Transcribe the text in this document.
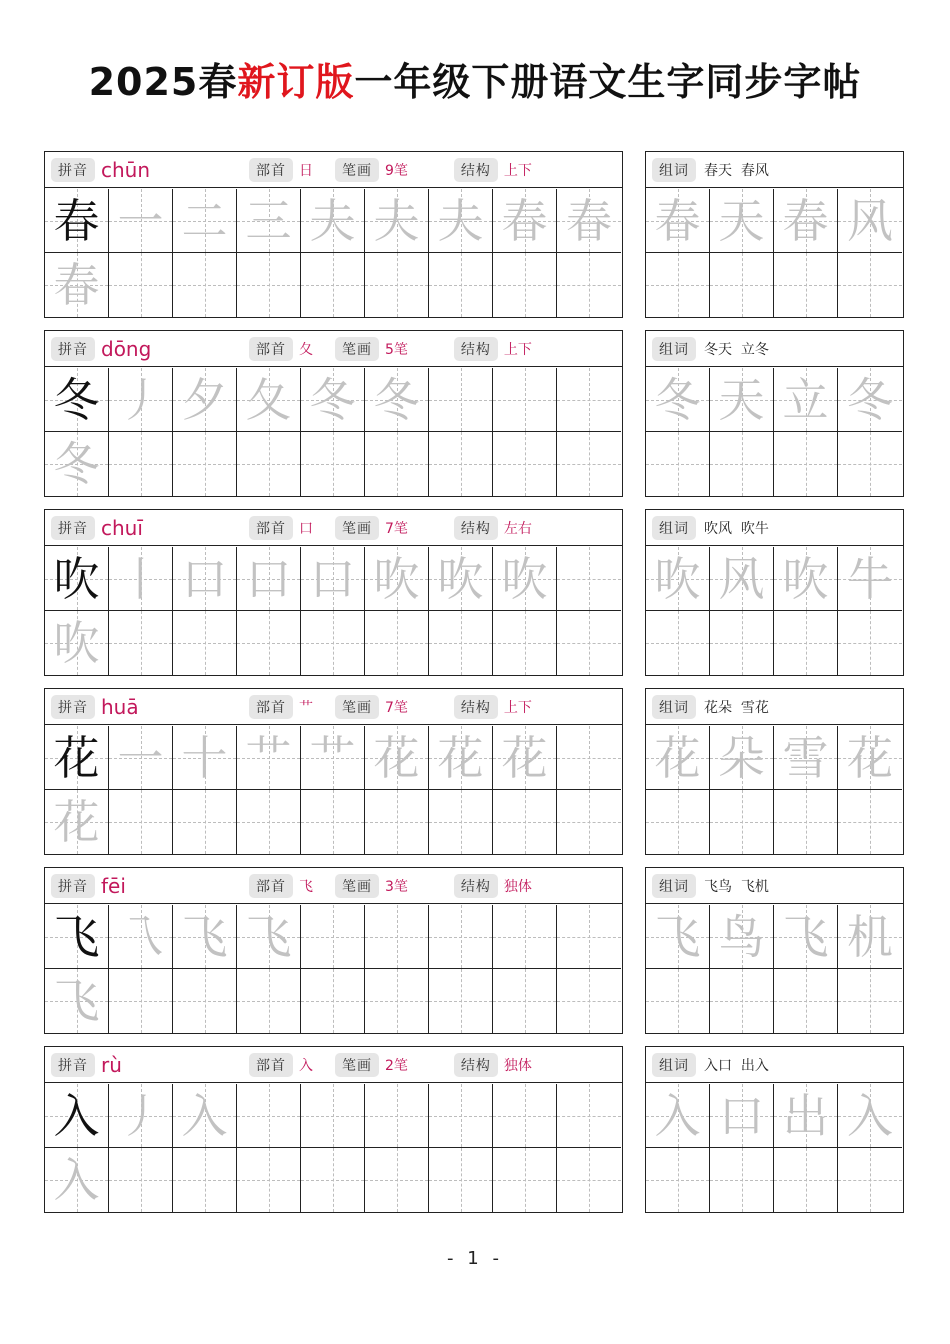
2025春新订版一年级下册语文生字同步字帖
拼音 chūn	部首 日	笔画 9笔	结构 上下
春 一 二 三 夫 夫 夫 春 春
春
组词	春天  春风
春 天 春 风
拼音 dōng	部首 夂	笔画 5笔	结构 上下
冬 丿 夕 夂 冬 冬
冬
组词	冬天  立冬
冬 天 立 冬
拼音 chuī	部首 口	笔画 7笔	结构 左右
吹 丨 口 口 口 吹 吹 吹
吹
组词	吹风  吹牛
吹 风 吹 牛
拼音 huā	部首 艹	笔画 7笔	结构 上下
花 一 十 艹 艹 花 花 花
花
组词	花朵  雪花
花 朵 雪 花
拼音 fēi	部首 飞	笔画 3笔	结构 独体
飞 乁 飞 飞
飞
组词	飞鸟  飞机
飞 鸟 飞 机
拼音 rù	部首 入	笔画 2笔	结构 独体
入 丿 入
入
组词	入口  出入
入 口 出 入
- 1 -
